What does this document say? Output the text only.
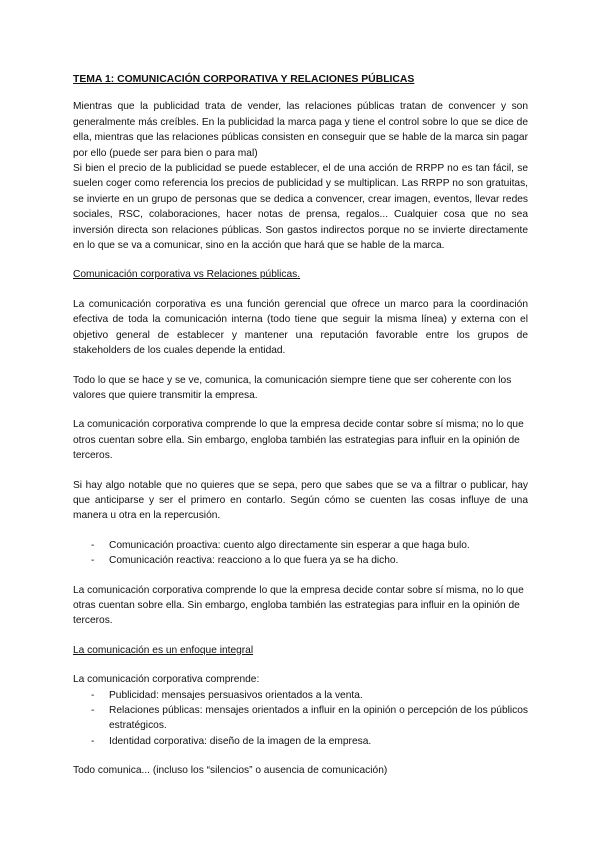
TEMA 1: COMUNICACIÓN CORPORATIVA Y RELACIONES PÚBLICAS

Mientras que la publicidad trata de vender, las relaciones públicas tratan de convencer y son generalmente más creíbles. En la publicidad la marca paga y tiene el control sobre lo que se dice de ella, mientras que las relaciones públicas consisten en conseguir que se hable de la marca sin pagar por ello (puede ser para bien o para mal)

Si bien el precio de la publicidad se puede establecer, el de una acción de RRPP no es tan fácil, se suelen coger como referencia los precios de publicidad y se multiplican. Las RRPP no son gratuitas, se invierte en un grupo de personas que se dedica a convencer, crear imagen, eventos, llevar redes sociales, RSC, colaboraciones, hacer notas de prensa, regalos... Cualquier cosa que no sea inversión directa son relaciones públicas. Son gastos indirectos porque no se invierte directamente en lo que se va a comunicar, sino en la acción que hará que se hable de la marca.

Comunicación corporativa vs Relaciones públicas.

La comunicación corporativa es una función gerencial que ofrece un marco para la coordinación efectiva de toda la comunicación interna (todo tiene que seguir la misma línea) y externa con el objetivo general de establecer y mantener una reputación favorable entre los grupos de stakeholders de los cuales depende la entidad.

Todo lo que se hace y se ve, comunica, la comunicación siempre tiene que ser coherente con los valores que quiere transmitir la empresa.

La comunicación corporativa comprende lo que la empresa decide contar sobre sí misma; no lo que otros cuentan sobre ella. Sin embargo, engloba también las estrategias para influir en la opinión de terceros.

Si hay algo notable que no quieres que se sepa, pero que sabes que se va a filtrar o publicar, hay que anticiparse y ser el primero en contarlo. Según cómo se cuenten las cosas influye de una manera u otra en la repercusión.

- Comunicación proactiva: cuento algo directamente sin esperar a que haga bulo.
- Comunicación reactiva: reacciono a lo que fuera ya se ha dicho.

La comunicación corporativa comprende lo que la empresa decide contar sobre sí misma, no lo que otras cuentan sobre ella. Sin embargo, engloba también las estrategias para influir en la opinión de terceros.

La comunicación es un enfoque integral

La comunicación corporativa comprende:

- Publicidad: mensajes persuasivos orientados a la venta.
- Relaciones públicas: mensajes orientados a influir en la opinión o percepción de los públicos estratégicos.
- Identidad corporativa: diseño de la imagen de la empresa.

Todo comunica... (incluso los “silencios” o ausencia de comunicación)
